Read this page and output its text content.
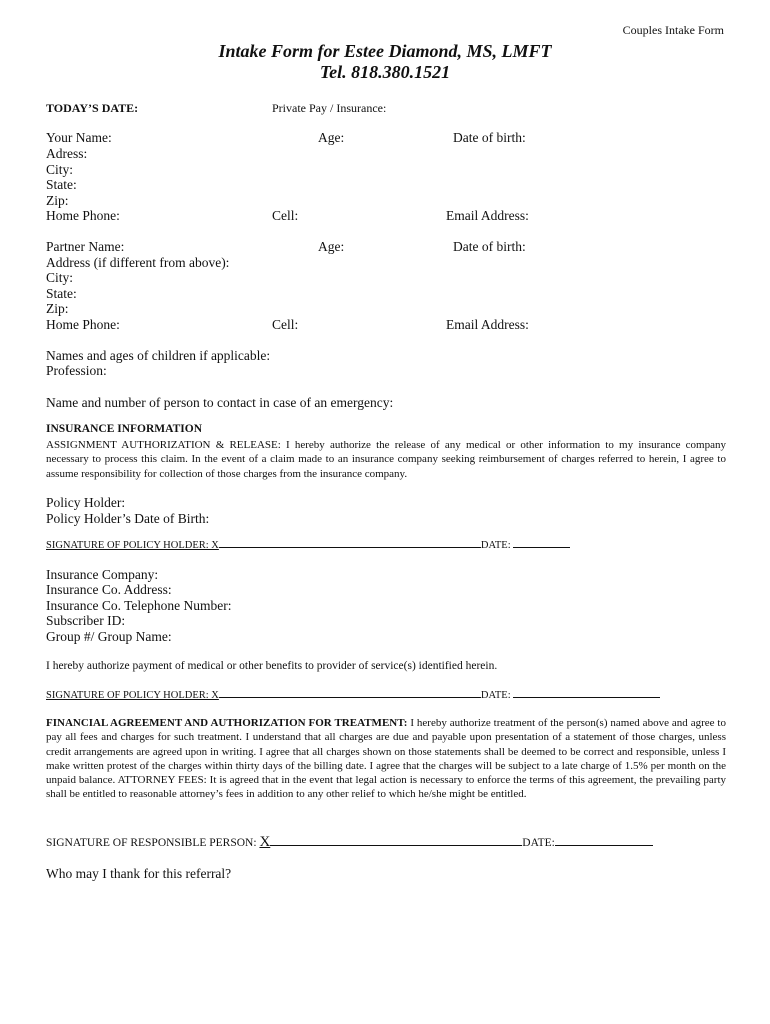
Couples Intake Form
Intake Form for Estee Diamond, MS, LMFT
Tel. 818.380.1521
TODAY’S DATE:	Private Pay / Insurance:
Your Name:	Age:	Date of birth:
Adress:
City:
State:
Zip:
Home Phone:	Cell:	Email Address:
Partner Name:	Age:	Date of birth:
Address (if different from above):
City:
State:
Zip:
Home Phone:	Cell:	Email Address:
Names and ages of children if applicable:
Profession:
Name and number of person to contact in case of an emergency:
INSURANCE INFORMATION
ASSIGNMENT AUTHORIZATION & RELEASE: I hereby authorize the release of any medical or other information to my insurance company necessary to process this claim. In the event of a claim made to an insurance company seeking reimbursement of charges referred to herein, I agree to assume responsibility for collection of those charges from the insurance company.
Policy Holder:
Policy Holder’s Date of Birth:
SIGNATURE OF POLICY HOLDER: X	DATE:
Insurance Company:
Insurance Co. Address:
Insurance Co. Telephone Number:
Subscriber ID:
Group #/ Group Name:
I hereby authorize payment of medical or other benefits to provider of service(s) identified herein.
SIGNATURE OF POLICY HOLDER: X	DATE:
FINANCIAL AGREEMENT AND AUTHORIZATION FOR TREATMENT: I hereby authorize treatment of the person(s) named above and agree to pay all fees and charges for such treatment. I understand that all charges are due and payable upon presentation of a statement of those charges, unless credit arrangements are agreed upon in writing. I agree that all charges shown on those statements shall be deemed to be correct and responsible, unless I make written protest of the charges within thirty days of the billing date. I agree that the charges will be subject to a late charge of 1.5% per month on the unpaid balance. ATTORNEY FEES: It is agreed that in the event that legal action is necessary to enforce the terms of this agreement, the prevailing party shall be entitled to reasonable attorney’s fees in addition to any other relief to which he/she might be entitled.
SIGNATURE OF RESPONSIBLE PERSON: X	DATE:
Who may I thank for this referral?
